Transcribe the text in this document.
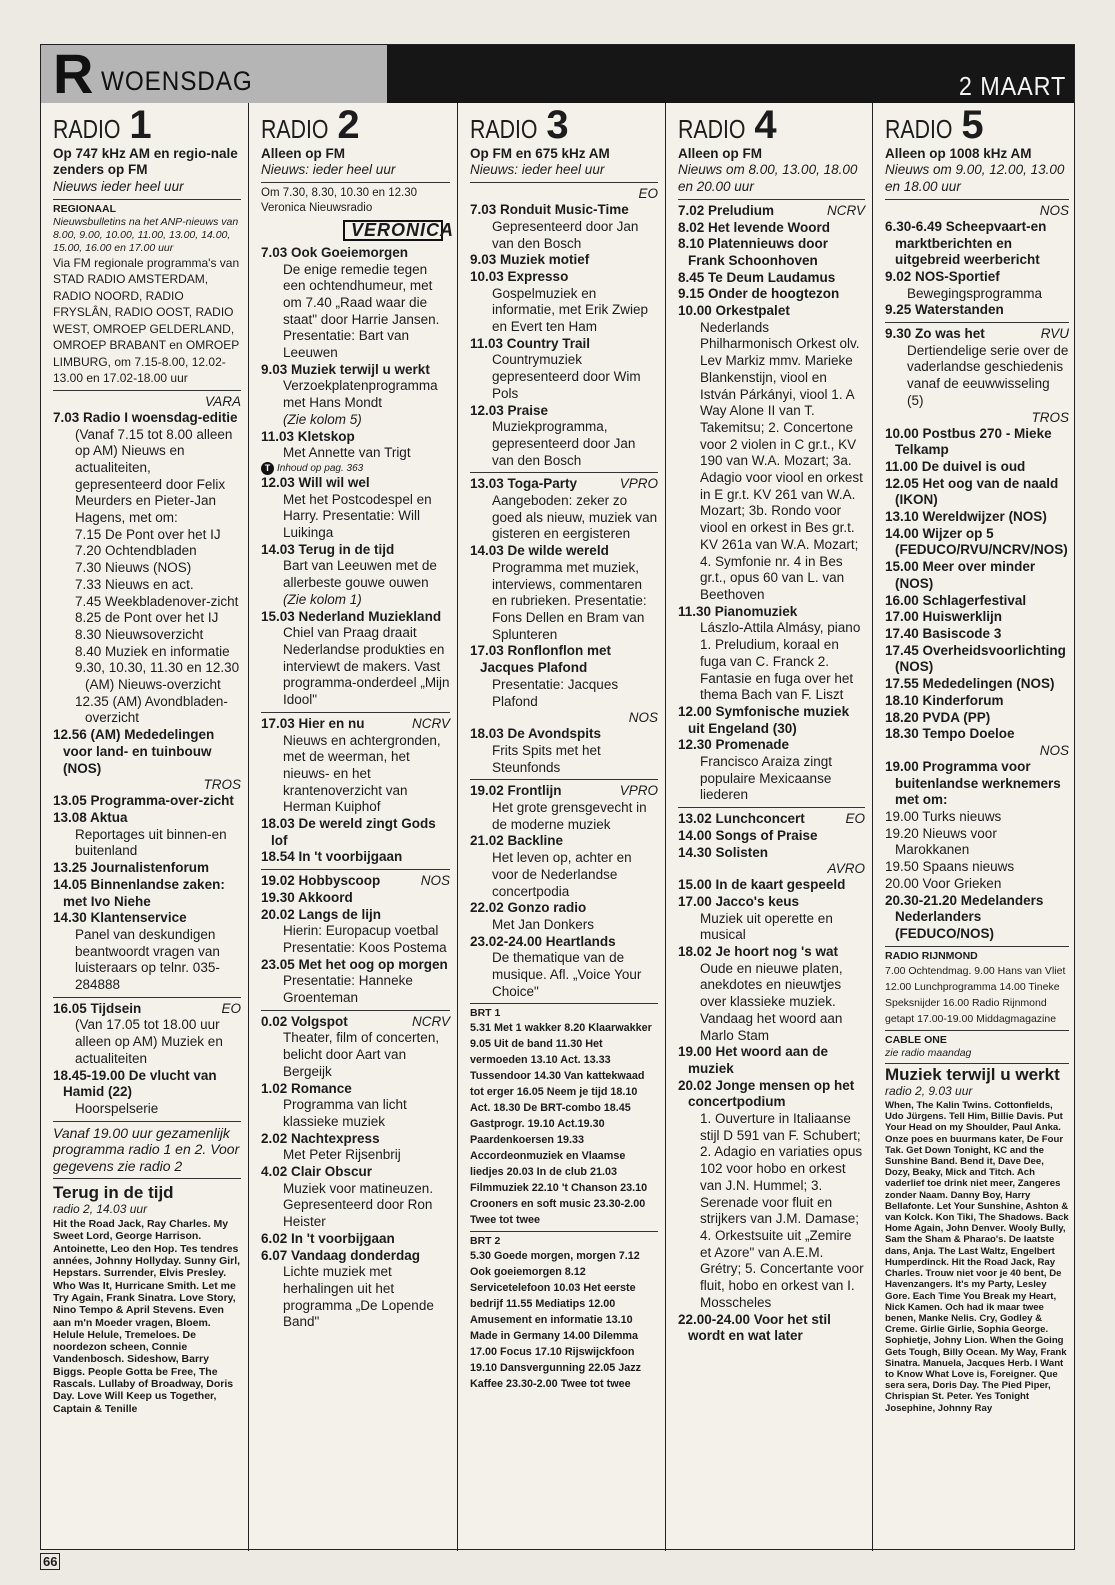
R WOENSDAG	2 MAART
RADIO 1
Op 747 kHz AM en regio-nale zenders op FM
Nieuws ieder heel uur
REGIONAAL
Nieuwsbulletins na het ANP-nieuws van 8.00, 9.00, 10.00, 11.00, 13.00, 14.00, 15.00, 16.00 en 17.00 uur
Via FM regionale programma's van STAD RADIO AMSTERDAM, RADIO NOORD, RADIO FRYSLÂN, RADIO OOST, RADIO WEST, OMROEP GELDERLAND, OMROEP BRABANT en OMROEP LIMBURG, om 7.15-8.00, 12.02-13.00 en 17.02-18.00 uur
VARA
7.03 Radio I woensdag-editie
(Vanaf 7.15 tot 8.00 alleen op AM) Nieuws en actualiteiten, gepresenteerd door Felix Meurders en Pieter-Jan Hagens, met om:
7.15 De Pont over het IJ
7.20 Ochtendbladen
7.30 Nieuws (NOS)
7.33 Nieuws en act.
7.45 Weekbladenover-zicht
8.25 de Pont over het IJ
8.30 Nieuwsoverzicht
8.40 Muziek en informatie
9.30, 10.30, 11.30 en 12.30 (AM) Nieuws-overzicht
12.35 (AM) Avondbladen-overzicht
12.56 (AM) Mededelingen voor land- en tuinbouw (NOS)
TROS
13.05 Programma-over-zicht
13.08 Aktua
Reportages uit binnen-en buitenland
13.25 Journalistenforum
14.05 Binnenlandse zaken: met Ivo Niehe
14.30 Klantenservice
Panel van deskundigen beantwoordt vragen van luisteraars op telnr. 035-284888
16.05 Tijdsein	EO
(Van 17.05 tot 18.00 uur alleen op AM) Muziek en actualiteiten
18.45-19.00 De vlucht van Hamid (22)
Hoorspelserie
Vanaf 19.00 uur gezamenlijk programma radio 1 en 2. Voor gegevens zie radio 2
Terug in de tijd
radio 2, 14.03 uur
Hit the Road Jack, Ray Charles. My Sweet Lord, George Harrison. Antoinette, Leo den Hop. Tes tendres années, Johnny Hollyday. Sunny Girl, Hepstars. Surrender, Elvis Presley. Who Was It, Hurricane Smith. Let me Try Again, Frank Sinatra. Love Story, Nino Tempo & April Stevens. Even aan m'n Moeder vragen, Bloem. Helule Helule, Tremeloes. De noordezon scheen, Connie Vandenbosch. Sideshow, Barry Biggs. People Gotta be Free, The Rascals. Lullaby of Broadway, Doris Day. Love Will Keep us Together, Captain & Tenille
RADIO 2
Alleen op FM
Nieuws: ieder heel uur
Om 7.30, 8.30, 10.30 en 12.30 Veronica Nieuwsradio
VERONICA
7.03 Ook Goeiemorgen
De enige remedie tegen een ochtendhumeur, met om 7.40 „Raad waar die staat" door Harrie Jansen. Presentatie: Bart van Leeuwen
9.03 Muziek terwijl u werkt
Verzoekplatenprogramma met Hans Mondt
(Zie kolom 5)
11.03 Kletskop
Met Annette van Trigt
T Inhoud op pag. 363
12.03 Will wil wel
Met het Postcodespel en Harry. Presentatie: Will Luikinga
14.03 Terug in de tijd
Bart van Leeuwen met de allerbeste gouwe ouwen
(Zie kolom 1)
15.03 Nederland Muziekland
Chiel van Praag draait Nederlandse produkties en interviewt de makers. Vast programma-onderdeel „Mijn Idool"
17.03 Hier en nu	NCRV
Nieuws en achtergronden, met de weerman, het nieuws- en het krantenoverzicht van Herman Kuiphof
18.03 De wereld zingt Gods lof
18.54 In 't voorbijgaan
19.02 Hobbyscoop	NOS
19.30 Akkoord
20.02 Langs de lijn
Hierin: Europacup voetbal
Presentatie: Koos Postema
23.05 Met het oog op morgen
Presentatie: Hanneke Groenteman
0.02 Volgspot	NCRV
Theater, film of concerten, belicht door Aart van Bergeijk
1.02 Romance
Programma van licht klassieke muziek
2.02 Nachtexpress
Met Peter Rijsenbrij
4.02 Clair Obscur
Muziek voor matineuzen. Gepresenteerd door Ron Heister
6.02 In 't voorbijgaan
6.07 Vandaag donderdag
Lichte muziek met herhalingen uit het programma „De Lopende Band"
RADIO 3
Op FM en 675 kHz AM
Nieuws: ieder heel uur
EO
7.03 Ronduit Music-Time
Gepresenteerd door Jan van den Bosch
9.03 Muziek motief
10.03 Expresso
Gospelmuziek en informatie, met Erik Zwiep en Evert ten Ham
11.03 Country Trail
Countrymuziek gepresenteerd door Wim Pols
12.03 Praise
Muziekprogramma, gepresenteerd door Jan van den Bosch
13.03 Toga-Party	VPRO
Aangeboden: zeker zo goed als nieuw, muziek van gisteren en eergisteren
14.03 De wilde wereld
Programma met muziek, interviews, commentaren en rubrieken. Presentatie: Fons Dellen en Bram van Splunteren
17.03 Ronflonflon met Jacques Plafond
Presentatie: Jacques Plafond
NOS
18.03 De Avondspits
Frits Spits met het Steunfonds
19.02 Frontlijn	VPRO
Het grote grensgevecht in de moderne muziek
21.02 Backline
Het leven op, achter en voor de Nederlandse concertpodia
22.02 Gonzo radio
Met Jan Donkers
23.02-24.00 Heartlands
De thematique van de musique. Afl. „Voice Your Choice"
BRT 1
5.31 Met 1 wakker 8.20 Klaarwakker 9.05 Uit de band 11.30 Het vermoeden 13.10 Act. 13.33 Tussendoor 14.30 Van kattekwaad tot erger 16.05 Neem je tijd 18.10 Act. 18.30 De BRT-combo 18.45 Gastprogr. 19.10 Act.19.30 Paardenkoersen 19.33 Accordeonmuziek en Vlaamse liedjes 20.03 In de club 21.03 Filmmuziek 22.10 't Chanson 23.10 Crooners en soft music 23.30-2.00 Twee tot twee
BRT 2
5.30 Goede morgen, morgen 7.12 Ook goeiemorgen 8.12 Servicetelefoon 10.03 Het eerste bedrijf 11.55 Mediatips 12.00 Amusement en informatie 13.10 Made in Germany 14.00 Dilemma 17.00 Focus 17.10 Rijswijckfoon 19.10 Dansvergunning 22.05 Jazz Kaffee 23.30-2.00 Twee tot twee
RADIO 4
Alleen op FM
Nieuws om 8.00, 13.00, 18.00 en 20.00 uur
7.02 Preludium	NCRV
8.02 Het levende Woord
8.10 Platennieuws door Frank Schoonhoven
8.45 Te Deum Laudamus
9.15 Onder de hoogtezon
10.00 Orkestpalet
Nederlands Philharmonisch Orkest olv. Lev Markiz mmv. Marieke Blankenstijn, viool en István Párkányi, viool 1. A Way Alone II van T. Takemitsu; 2. Concertone voor 2 violen in C gr.t., KV 190 van W.A. Mozart; 3a. Adagio voor viool en orkest in E gr.t. KV 261 van W.A. Mozart; 3b. Rondo voor viool en orkest in Bes gr.t. KV 261a van W.A. Mozart; 4. Symfonie nr. 4 in Bes gr.t., opus 60 van L. van Beethoven
11.30 Pianomuziek
Lászlo-Attila Almásy, piano 1. Preludium, koraal en fuga van C. Franck 2. Fantasie en fuga over het thema Bach van F. Liszt
12.00 Symfonische muziek uit Engeland (30)
12.30 Promenade
Francisco Araiza zingt populaire Mexicaanse liederen
13.02 Lunchconcert	EO
14.00 Songs of Praise
14.30 Solisten
AVRO
15.00 In de kaart gespeeld
17.00 Jacco's keus
Muziek uit operette en musical
18.02 Je hoort nog 's wat
Oude en nieuwe platen, anekdotes en nieuwtjes over klassieke muziek. Vandaag het woord aan Marlo Stam
19.00 Het woord aan de muziek
20.02 Jonge mensen op het concertpodium
1. Ouverture in Italiaanse stijl D 591 van F. Schubert; 2. Adagio en variaties opus 102 voor hobo en orkest van J.N. Hummel; 3. Serenade voor fluit en strijkers van J.M. Damase; 4. Orkestsuite uit „Zemire et Azore" van A.E.M. Grétry; 5. Concertante voor fluit, hobo en orkest van I. Mosscheles
22.00-24.00 Voor het stil wordt en wat later
RADIO 5
Alleen op 1008 kHz AM
Nieuws om 9.00, 12.00, 13.00 en 18.00 uur
NOS
6.30-6.49 Scheepvaart-en marktberichten en uitgebreid weerbericht
9.02 NOS-Sportief
Bewegingsprogramma
9.25 Waterstanden
9.30 Zo was het	RVU
Dertiendelige serie over de vaderlandse geschiedenis vanaf de eeuwwisseling (5)
TROS
10.00 Postbus 270 - Mieke Telkamp
11.00 De duivel is oud
12.05 Het oog van de naald (IKON)
13.10 Wereldwijzer (NOS)
14.00 Wijzer op 5 (FEDUCO/RVU/NCRV/NOS)
15.00 Meer over minder (NOS)
16.00 Schlagerfestival
17.00 Huiswerklijn
17.40 Basiscode 3
17.45 Overheidsvoorlichting (NOS)
17.55 Mededelingen (NOS)
18.10 Kinderforum
18.20 PVDA (PP)
18.30 Tempo Doeloe
NOS
19.00 Programma voor buitenlandse werknemers met om:
19.00 Turks nieuws
19.20 Nieuws voor Marokkanen
19.50 Spaans nieuws
20.00 Voor Grieken
20.30-21.20 Medelanders Nederlanders (FEDUCO/NOS)
RADIO RIJNMOND
7.00 Ochtendmag. 9.00 Hans van Vliet 12.00 Lunchprogramma 14.00 Tineke Speksnijder 16.00 Radio Rijnmond getapt 17.00-19.00 Middagmagazine
CABLE ONE
zie radio maandag
Muziek terwijl u werkt
radio 2, 9.03 uur
When, The Kalin Twins. Cottonfields, Udo Jürgens. Tell Him, Billie Davis. Put Your Head on my Shoulder, Paul Anka. Onze poes en buurmans kater, De Four Tak. Get Down Tonight, KC and the Sunshine Band. Bend it, Dave Dee, Dozy, Beaky, Mick and Titch. Ach vaderlief toe drink niet meer, Zangeres zonder Naam. Danny Boy, Harry Bellafonte. Let Your Sunshine, Ashton & van Kolck. Kon Tiki, The Shadows. Back Home Again, John Denver. Wooly Bully, Sam the Sham & Pharao's. De laatste dans, Anja. The Last Waltz, Engelbert Humperdinck. Hit the Road Jack, Ray Charles. Trouw niet voor je 40 bent, De Havenzangers. It's my Party, Lesley Gore. Each Time You Break my Heart, Nick Kamen. Och had ik maar twee benen, Manke Nelis. Cry, Godley & Creme. Girlie Girlie, Sophia George. Sophietje, Johny Lion. When the Going Gets Tough, Billy Ocean. My Way, Frank Sinatra. Manuela, Jacques Herb. I Want to Know What Love is, Foreigner. Que sera sera, Doris Day. The Pied Piper, Chrispian St. Peter. Yes Tonight Josephine, Johnny Ray
66
